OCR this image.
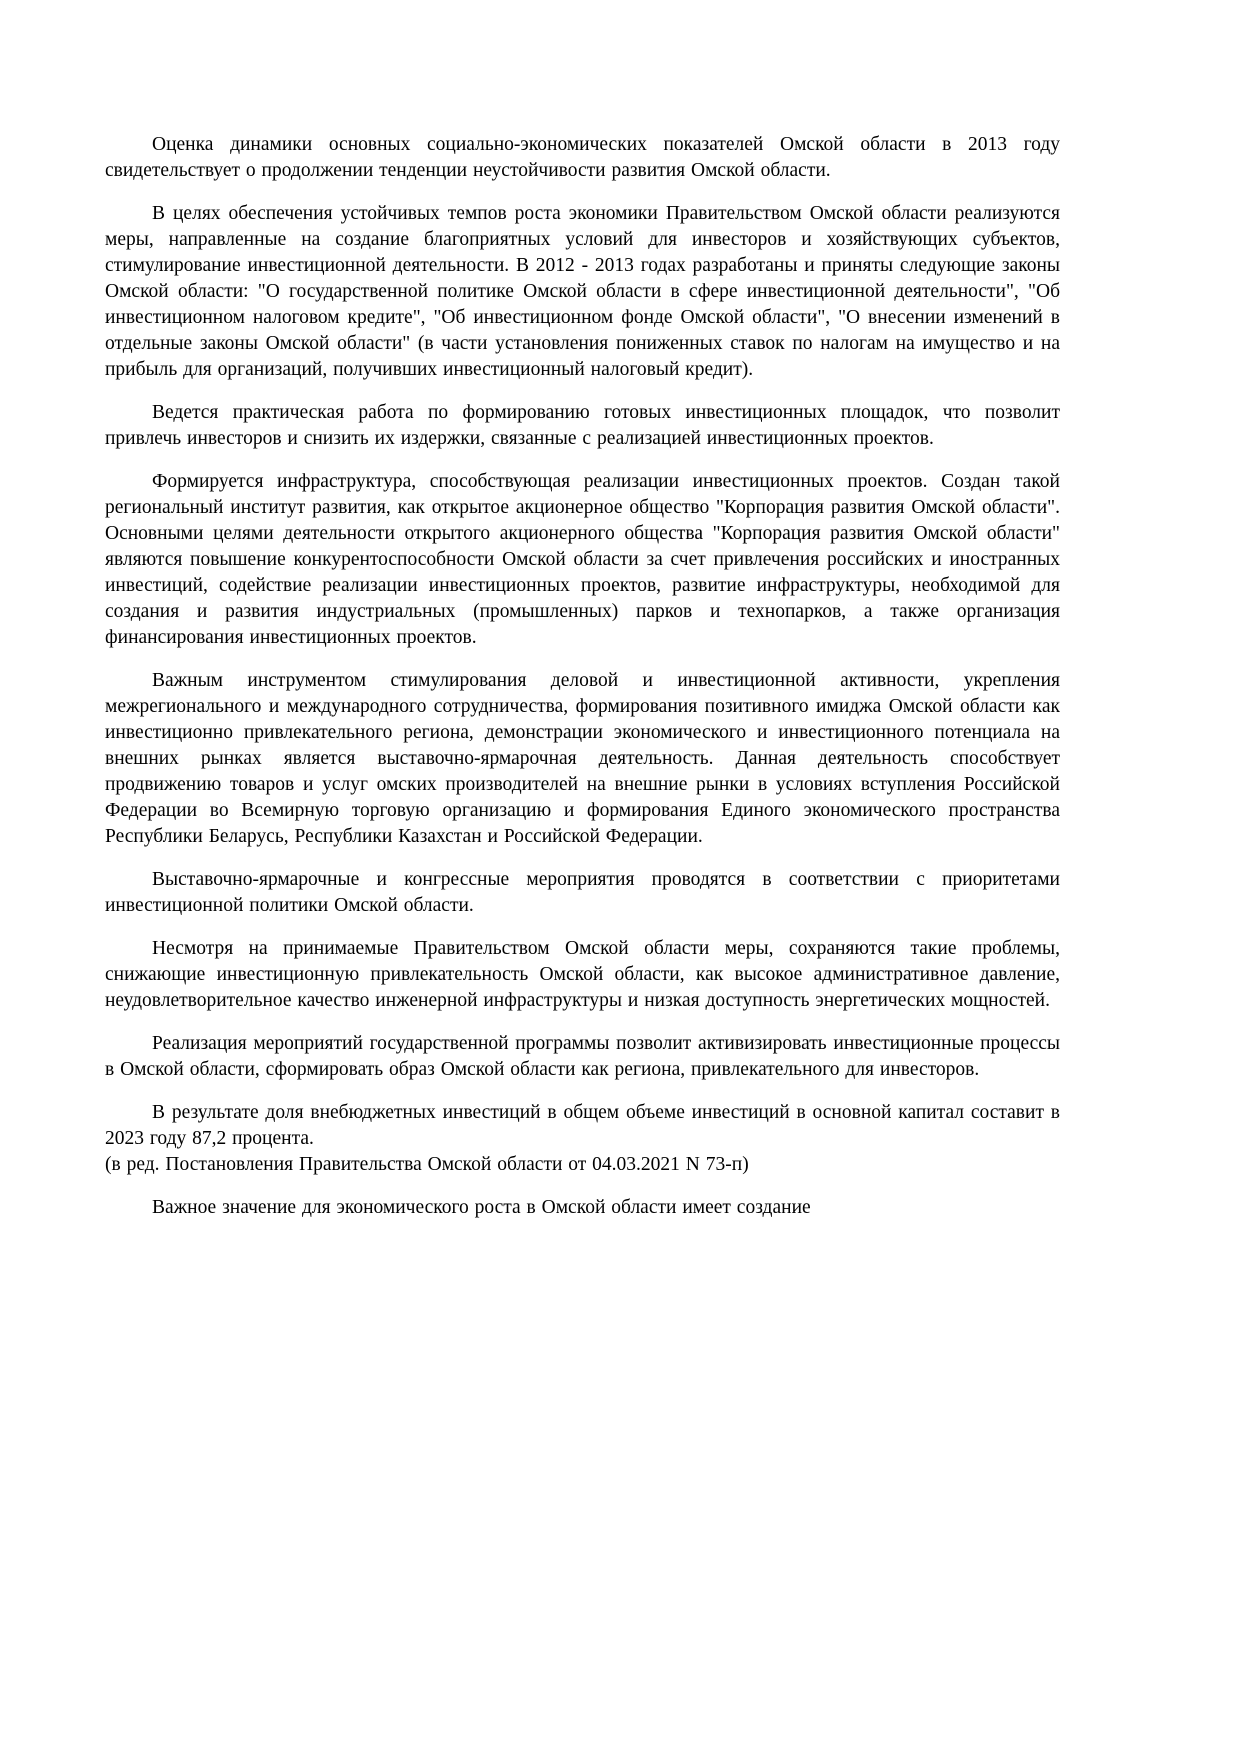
Оценка динамики основных социально-экономических показателей Омской области в 2013 году свидетельствует о продолжении тенденции неустойчивости развития Омской области.

В целях обеспечения устойчивых темпов роста экономики Правительством Омской области реализуются меры, направленные на создание благоприятных условий для инвесторов и хозяйствующих субъектов, стимулирование инвестиционной деятельности. В 2012 - 2013 годах разработаны и приняты следующие законы Омской области: "О государственной политике Омской области в сфере инвестиционной деятельности", "Об инвестиционном налоговом кредите", "Об инвестиционном фонде Омской области", "О внесении изменений в отдельные законы Омской области" (в части установления пониженных ставок по налогам на имущество и на прибыль для организаций, получивших инвестиционный налоговый кредит).

Ведется практическая работа по формированию готовых инвестиционных площадок, что позволит привлечь инвесторов и снизить их издержки, связанные с реализацией инвестиционных проектов.

Формируется инфраструктура, способствующая реализации инвестиционных проектов. Создан такой региональный институт развития, как открытое акционерное общество "Корпорация развития Омской области". Основными целями деятельности открытого акционерного общества "Корпорация развития Омской области" являются повышение конкурентоспособности Омской области за счет привлечения российских и иностранных инвестиций, содействие реализации инвестиционных проектов, развитие инфраструктуры, необходимой для создания и развития индустриальных (промышленных) парков и технопарков, а также организация финансирования инвестиционных проектов.

Важным инструментом стимулирования деловой и инвестиционной активности, укрепления межрегионального и международного сотрудничества, формирования позитивного имиджа Омской области как инвестиционно привлекательного региона, демонстрации экономического и инвестиционного потенциала на внешних рынках является выставочно-ярмарочная деятельность. Данная деятельность способствует продвижению товаров и услуг омских производителей на внешние рынки в условиях вступления Российской Федерации во Всемирную торговую организацию и формирования Единого экономического пространства Республики Беларусь, Республики Казахстан и Российской Федерации.

Выставочно-ярмарочные и конгрессные мероприятия проводятся в соответствии с приоритетами инвестиционной политики Омской области.

Несмотря на принимаемые Правительством Омской области меры, сохраняются такие проблемы, снижающие инвестиционную привлекательность Омской области, как высокое административное давление, неудовлетворительное качество инженерной инфраструктуры и низкая доступность энергетических мощностей.

Реализация мероприятий государственной программы позволит активизировать инвестиционные процессы в Омской области, сформировать образ Омской области как региона, привлекательного для инвесторов.

В результате доля внебюджетных инвестиций в общем объеме инвестиций в основной капитал составит в 2023 году 87,2 процента.

(в ред. Постановления Правительства Омской области от 04.03.2021 N 73-п)

Важное значение для экономического роста в Омской области имеет создание
